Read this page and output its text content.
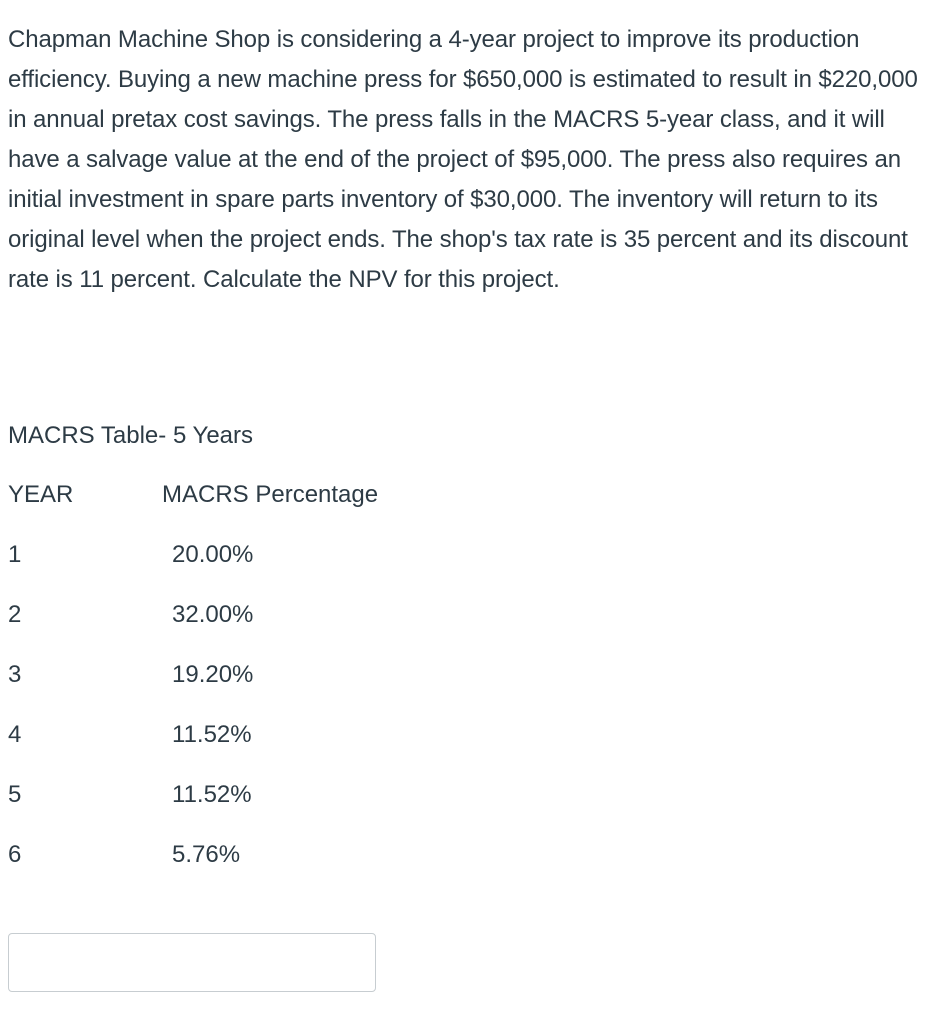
Chapman Machine Shop is considering a 4-year project to improve its production efficiency. Buying a new machine press for $650,000 is estimated to result in $220,000 in annual pretax cost savings. The press falls in the MACRS 5-year class, and it will have a salvage value at the end of the project of $95,000. The press also requires an initial investment in spare parts inventory of $30,000. The inventory will return to its original level when the project ends. The shop's tax rate is 35 percent and its discount rate is 11 percent. Calculate the NPV for this project.

MACRS Table- 5 Years
YEAR	MACRS Percentage
1	20.00%
2	32.00%
3	19.20%
4	11.52%
5	11.52%
6	5.76%
